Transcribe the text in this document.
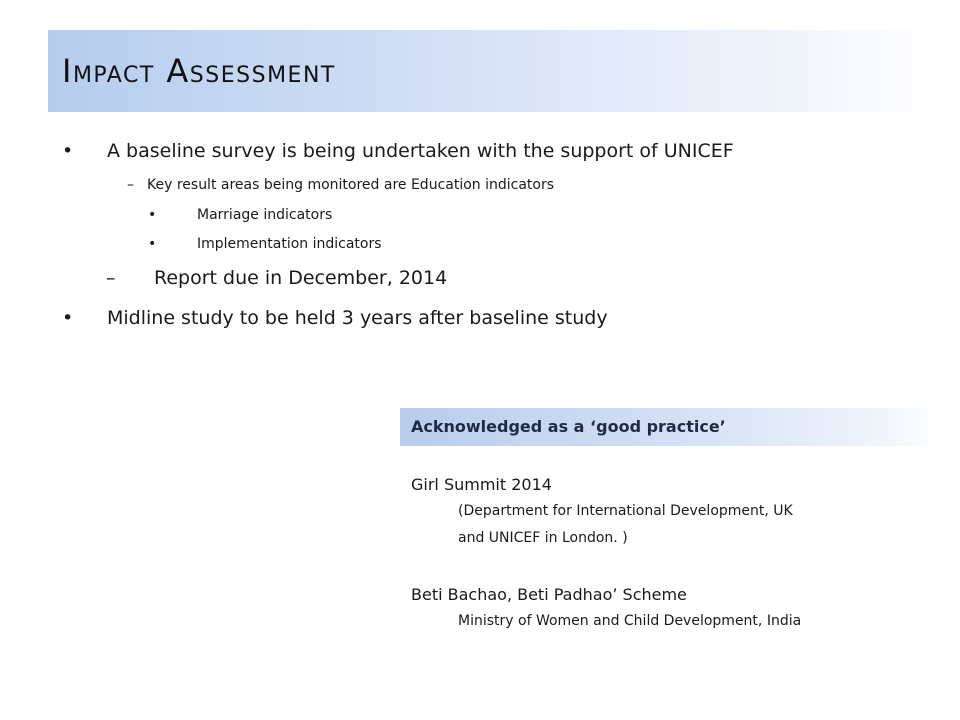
Impact Assessment
• A baseline survey is being undertaken with the support of UNICEF
– Key result areas being monitored are Education indicators
•	Marriage indicators
•	Implementation indicators
– Report due in December, 2014
• Midline study to be held 3 years after baseline study
Acknowledged as a ‘good practice’
Girl Summit 2014
(Department for International Development, UK
and UNICEF in London. )
Beti Bachao, Beti Padhao’ Scheme
Ministry of Women and Child Development, India
